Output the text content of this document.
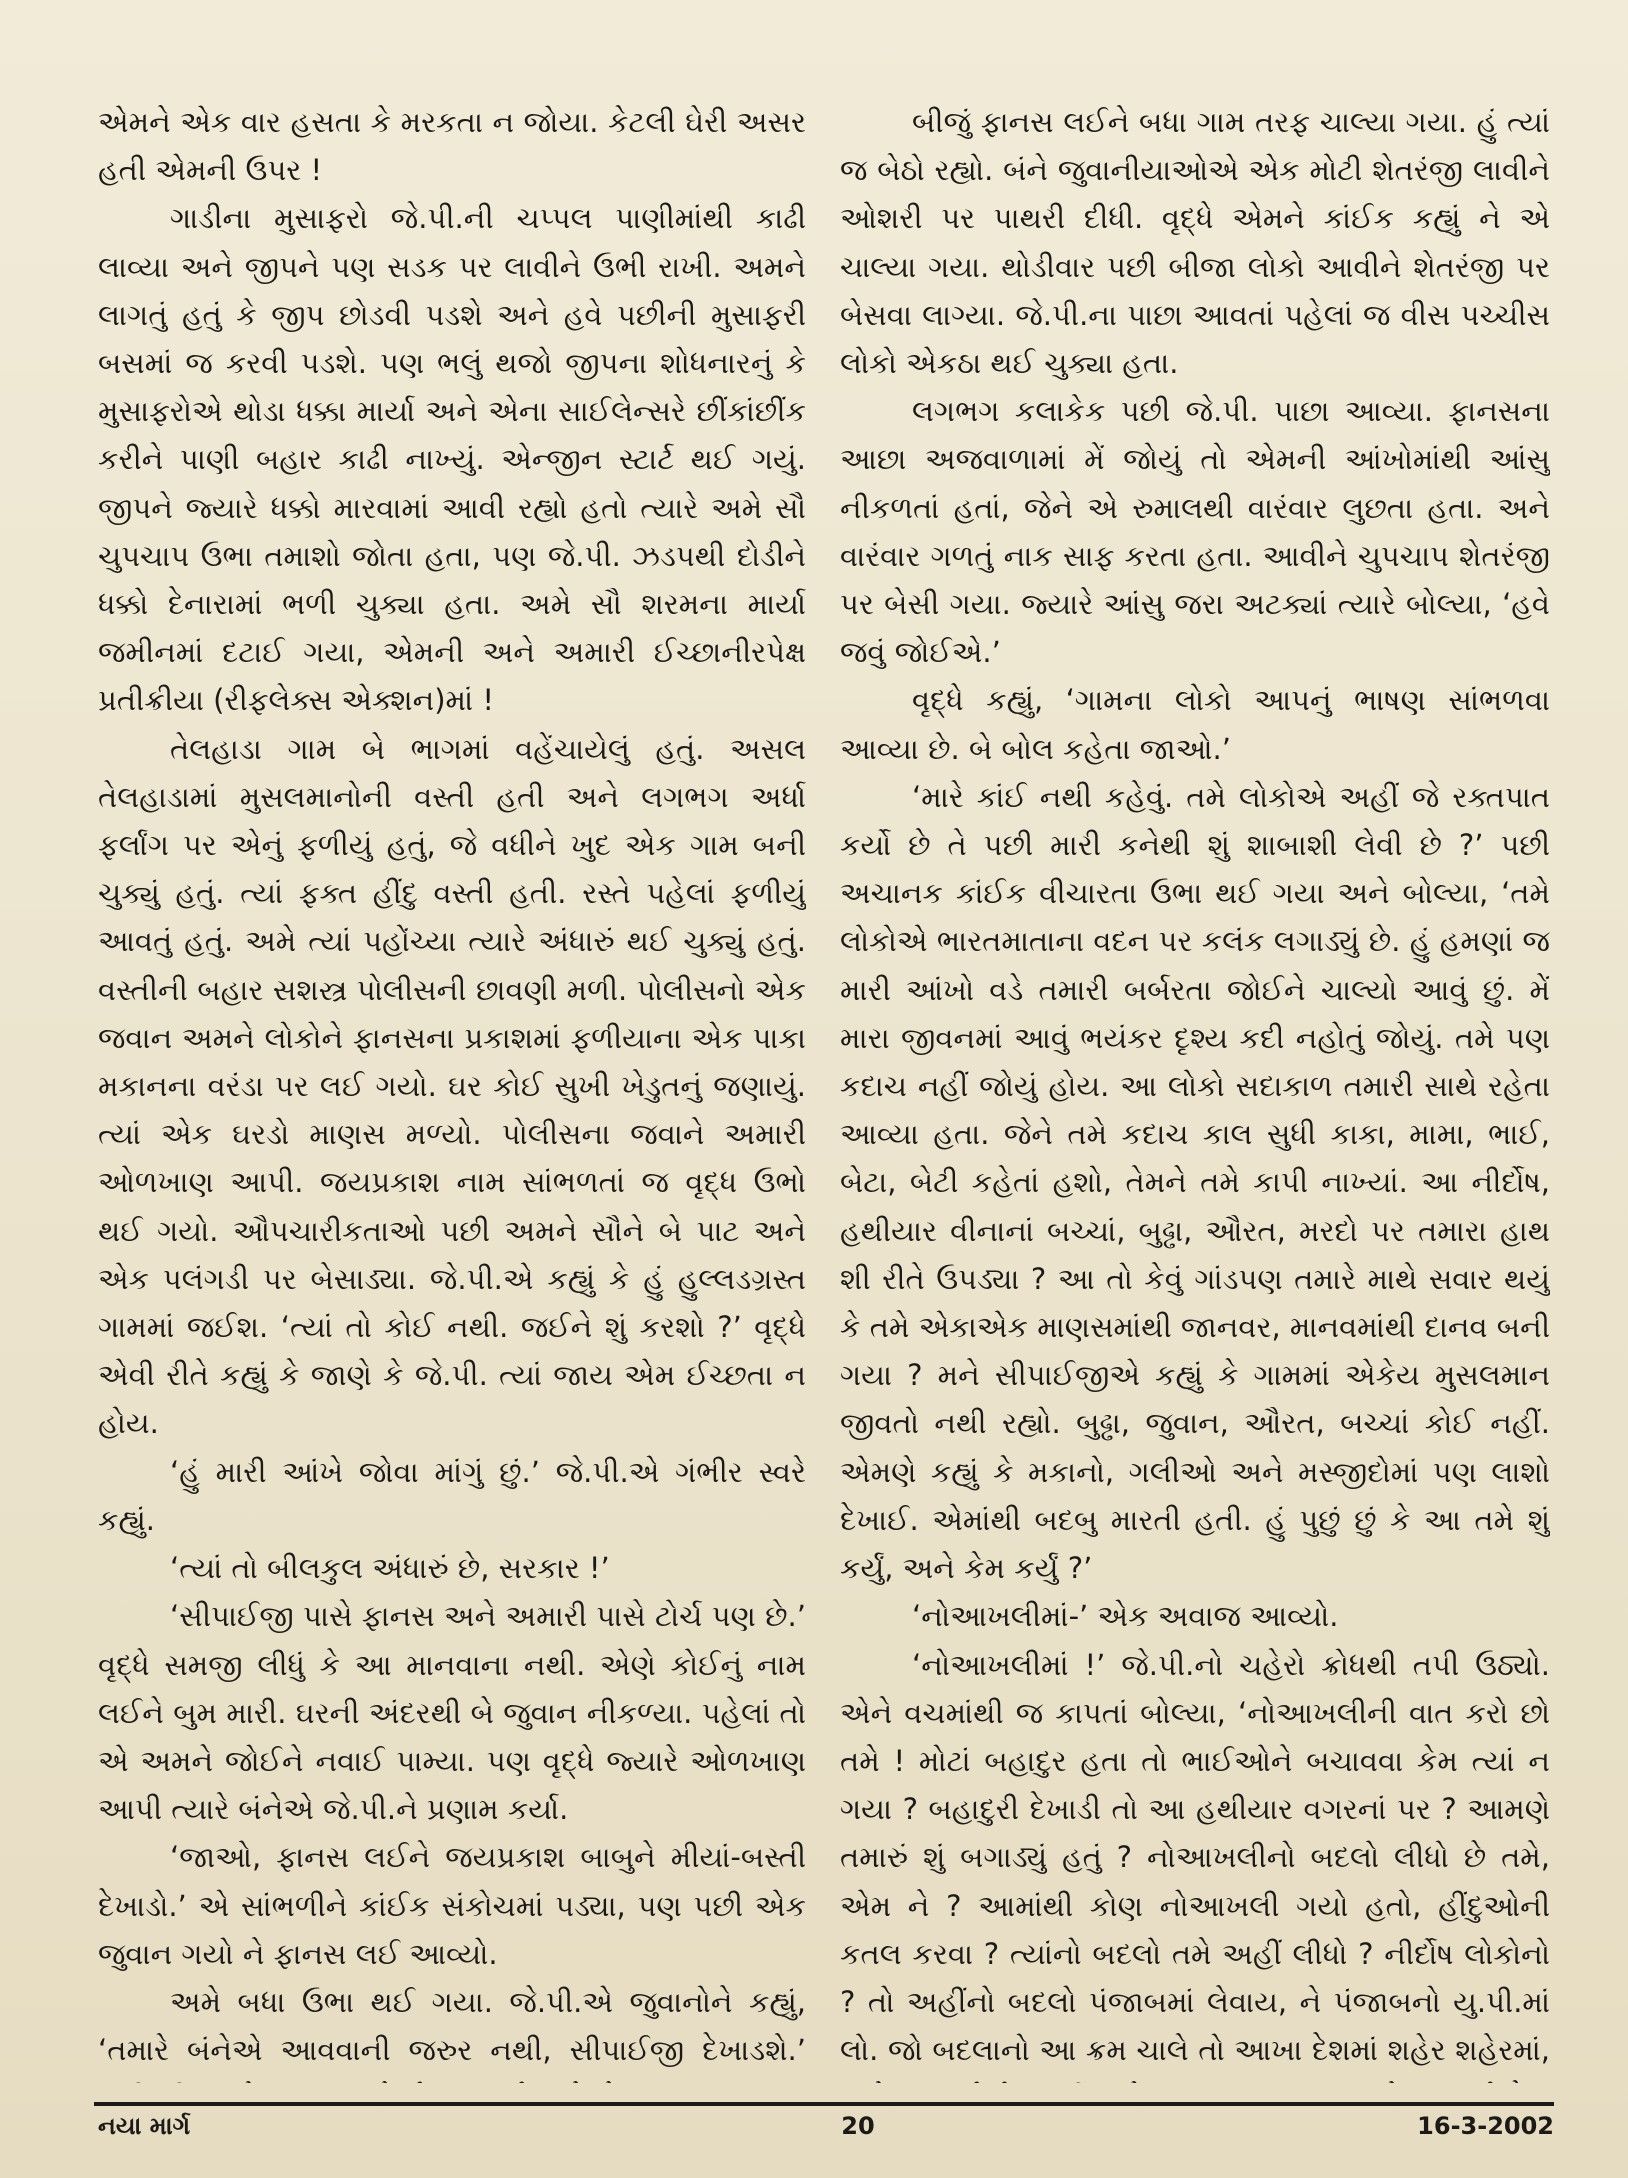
એમને એક વાર હસતા કે મરકતા ન જોયા. કેટલી ઘેરી અસર હતી એમની ઉપર !

ગાડીના મુસાફરો જે.પી.ની ચપ્પલ પાણીમાંથી કાઢી લાવ્યા અને જીપને પણ સડક પર લાવીને ઉભી રાખી. અમને લાગતું હતું કે જીપ છોડવી પડશે અને હવે પછીની મુસાફરી બસમાં જ કરવી પડશે. પણ ભલું થજો જીપના શોધનારનું કે મુસાફરોએ થોડા ધક્કા માર્યા અને એના સાઈલેન્સરે છીંકાંછીંક કરીને પાણી બહાર કાઢી નાખ્યું. એન્જીન સ્ટાર્ટ થઈ ગયું. જીપને જ્યારે ધક્કો મારવામાં આવી રહ્યો હતો ત્યારે અમે સૌ ચુપચાપ ઉભા તમાશો જોતા હતા, પણ જે.પી. ઝડપથી દોડીને ધક્કો દેનારામાં ભળી ચુક્યા હતા. અમે સૌ શરમના માર્યા જમીનમાં દટાઈ ગયા, એમની અને અમારી ઈચ્છાનીરપેક્ષ પ્રતીક્રીયા (રીફલેક્સ એક્શન)માં !

તેલહાડા ગામ બે ભાગમાં વહેંચાયેલું હતું. અસલ તેલહાડામાં મુસલમાનોની વસ્તી હતી અને લગભગ અર્ધા ફર્લાંગ પર એનું ફળીયું હતું, જે વધીને ખુદ એક ગામ બની ચુક્યું હતું. ત્યાં ફક્ત હીંદુ વસ્તી હતી. રસ્તે પહેલાં ફળીયું આવતું હતું. અમે ત્યાં પહોંચ્યા ત્યારે અંધારું થઈ ચુક્યું હતું. વસ્તીની બહાર સશસ્ત્ર પોલીસની છાવણી મળી. પોલીસનો એક જવાન અમને લોકોને ફાનસના પ્રકાશમાં ફળીયાના એક પાકા મકાનના વરંડા પર લઈ ગયો. ઘર કોઈ સુખી ખેડુતનું જણાયું. ત્યાં એક ઘરડો માણસ મળ્યો. પોલીસના જવાને અમારી ઓળખાણ આપી. જયપ્રકાશ નામ સાંભળતાં જ વૃદ્ધ ઉભો થઈ ગયો. ઔપચારીકતાઓ પછી અમને સૌને બે પાટ અને એક પલંગડી પર બેસાડ્યા. જે.પી.એ કહ્યું કે હું હુલ્લડગ્રસ્ત ગામમાં જઈશ. ‘ત્યાં તો કોઈ નથી. જઈને શું કરશો ?’ વૃદ્ધે એવી રીતે કહ્યું કે જાણે કે જે.પી. ત્યાં જાય એમ ઈચ્છતા ન હોય.

‘હું મારી આંખે જોવા માંગું છું.’ જે.પી.એ ગંભીર સ્વરે કહ્યું.

‘ત્યાં તો બીલકુલ અંધારું છે, સરકાર !’

‘સીપાઈજી પાસે ફાનસ અને અમારી પાસે ટોર્ચ પણ છે.’ વૃદ્ધે સમજી લીધું કે આ માનવાના નથી. એણે કોઈનું નામ લઈને બુમ મારી. ઘરની અંદરથી બે જુવાન નીકળ્યા. પહેલાં તો એ અમને જોઈને નવાઈ પામ્યા. પણ વૃદ્ધે જ્યારે ઓળખાણ આપી ત્યારે બંનેએ જે.પી.ને પ્રણામ કર્યા.

‘જાઓ, ફાનસ લઈને જયપ્રકાશ બાબુને મીયાં-બસ્તી દેખાડો.’ એ સાંભળીને કાંઈક સંકોચમાં પડ્યા, પણ પછી એક જુવાન ગયો ને ફાનસ લઈ આવ્યો.

અમે બધા ઉભા થઈ ગયા. જે.પી.એ જુવાનોને કહ્યું, ‘તમારે બંનેએ આવવાની જરુર નથી, સીપાઈજી દેખાડશે.’

બીજું ફાનસ લઈને બધા ગામ તરફ ચાલ્યા ગયા. હું ત્યાં જ બેઠો રહ્યો. બંને જુવાનીયાઓએ એક મોટી શેતરંજી લાવીને ઓશરી પર પાથરી દીધી. વૃદ્ધે એમને કાંઈક કહ્યું ને એ ચાલ્યા ગયા. થોડીવાર પછી બીજા લોકો આવીને શેતરંજી પર બેસવા લાગ્યા. જે.પી.ના પાછા આવતાં પહેલાં જ વીસ પચ્ચીસ લોકો એકઠા થઈ ચુક્યા હતા.

લગભગ કલાકેક પછી જે.પી. પાછા આવ્યા. ફાનસના આછા અજવાળામાં મેં જોયું તો એમની આંખોમાંથી આંસુ નીકળતાં હતાં, જેને એ રુમાલથી વારંવાર લુછતા હતા. અને વારંવાર ગળતું નાક સાફ કરતા હતા. આવીને ચુપચાપ શેતરંજી પર બેસી ગયા. જ્યારે આંસુ જરા અટક્યાં ત્યારે બોલ્યા, ‘હવે જવું જોઈએ.’

વૃદ્ધે કહ્યું, ‘ગામના લોકો આપનું ભાષણ સાંભળવા આવ્યા છે. બે બોલ કહેતા જાઓ.’

‘મારે કાંઈ નથી કહેવું. તમે લોકોએ અહીં જે રક્તપાત કર્યો છે તે પછી મારી કનેથી શું શાબાશી લેવી છે ?’ પછી અચાનક કાંઈક વીચારતા ઉભા થઈ ગયા અને બોલ્યા, ‘તમે લોકોએ ભારતમાતાના વદન પર કલંક લગાડ્યું છે. હું હમણાં જ મારી આંખો વડે તમારી બર્બરતા જોઈને ચાલ્યો આવું છું. મેં મારા જીવનમાં આવું ભયંકર દૃશ્ય કદી નહોતું જોયું. તમે પણ કદાચ નહીં જોયું હોય. આ લોકો સદાકાળ તમારી સાથે રહેતા આવ્યા હતા. જેને તમે કદાચ કાલ સુધી કાકા, મામા, ભાઈ, બેટા, બેટી કહેતાં હશો, તેમને તમે કાપી નાખ્યાં. આ નીર્દોષ, હથીયાર વીનાનાં બચ્ચાં, બુઢ્ઢા, ઔરત, મરદો પર તમારા હાથ શી રીતે ઉપડ્યા ? આ તો કેવું ગાંડપણ તમારે માથે સવાર થયું કે તમે એકાએક માણસમાંથી જાનવર, માનવમાંથી દાનવ બની ગયા ? મને સીપાઈજીએ કહ્યું કે ગામમાં એકેય મુસલમાન જીવતો નથી રહ્યો. બુઢ્ઢા, જુવાન, ઔરત, બચ્ચાં કોઈ નહીં. એમણે કહ્યું કે મકાનો, ગલીઓ અને મસ્જીદોમાં પણ લાશો દેખાઈ. એમાંથી બદબુ મારતી હતી. હું પુછું છું કે આ તમે શું કર્યું, અને કેમ કર્યું ?’

‘નોઆખલીમાં-’ એક અવાજ આવ્યો.

‘નોઆખલીમાં !’ જે.પી.નો ચહેરો ક્રોધથી તપી ઉઠ્યો. એને વચમાંથી જ કાપતાં બોલ્યા, ‘નોઆખલીની વાત કરો છો તમે ! મોટાં બહાદુર હતા તો ભાઈઓને બચાવવા કેમ ત્યાં ન ગયા ? બહાદુરી દેખાડી તો આ હથીયાર વગરનાં પર ? આમણે તમારું શું બગાડ્યું હતું ? નોઆખલીનો બદલો લીધો છે તમે, એમ ને ? આમાંથી કોણ નોઆખલી ગયો હતો, હીંદુઓની કતલ કરવા ? ત્યાંનો બદલો તમે અહીં લીધો ? નીર્દોષ લોકોનો ? તો અહીંનો બદલો પંજાબમાં લેવાય, ને પંજાબનો યુ.પી.માં લો. જો બદલાનો આ ક્રમ ચાલે તો આખા દેશમાં શહેર શહેરમાં,

નયા માર્ગ	20	16-3-2002
